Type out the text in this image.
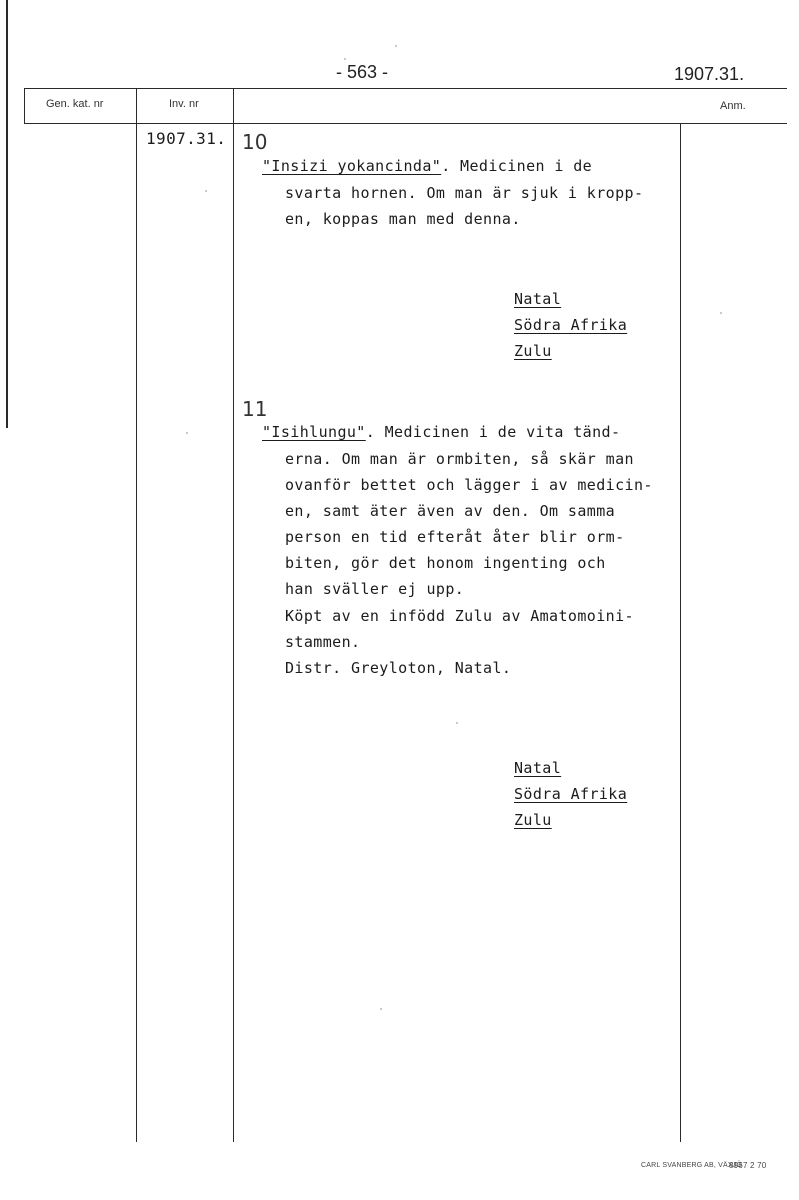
- 563 -	1907.31.
Gen. kat. nr	Inv. nr	Anm.
1907.31. 10
"Insizi yokancinda". Medicinen i de
svarta hornen. Om man är sjuk i kropp-
en, koppas man med denna.
Natal
Södra Afrika
Zulu
11
"Isihlungu". Medicinen i de vita tänd-
erna. Om man är ormbiten, så skär man
ovanför bettet och lägger i av medicin-
en, samt äter även av den. Om samma
person en tid efteråt åter blir orm-
biten, gör det honom ingenting och
han sväller ej upp.
Köpt av en infödd Zulu av Amatomoini-
stammen.
Distr. Greyloton, Natal.
Natal
Södra Afrika
Zulu
CARL SVANBERG AB, VÄXJÖ
8967 2 70
